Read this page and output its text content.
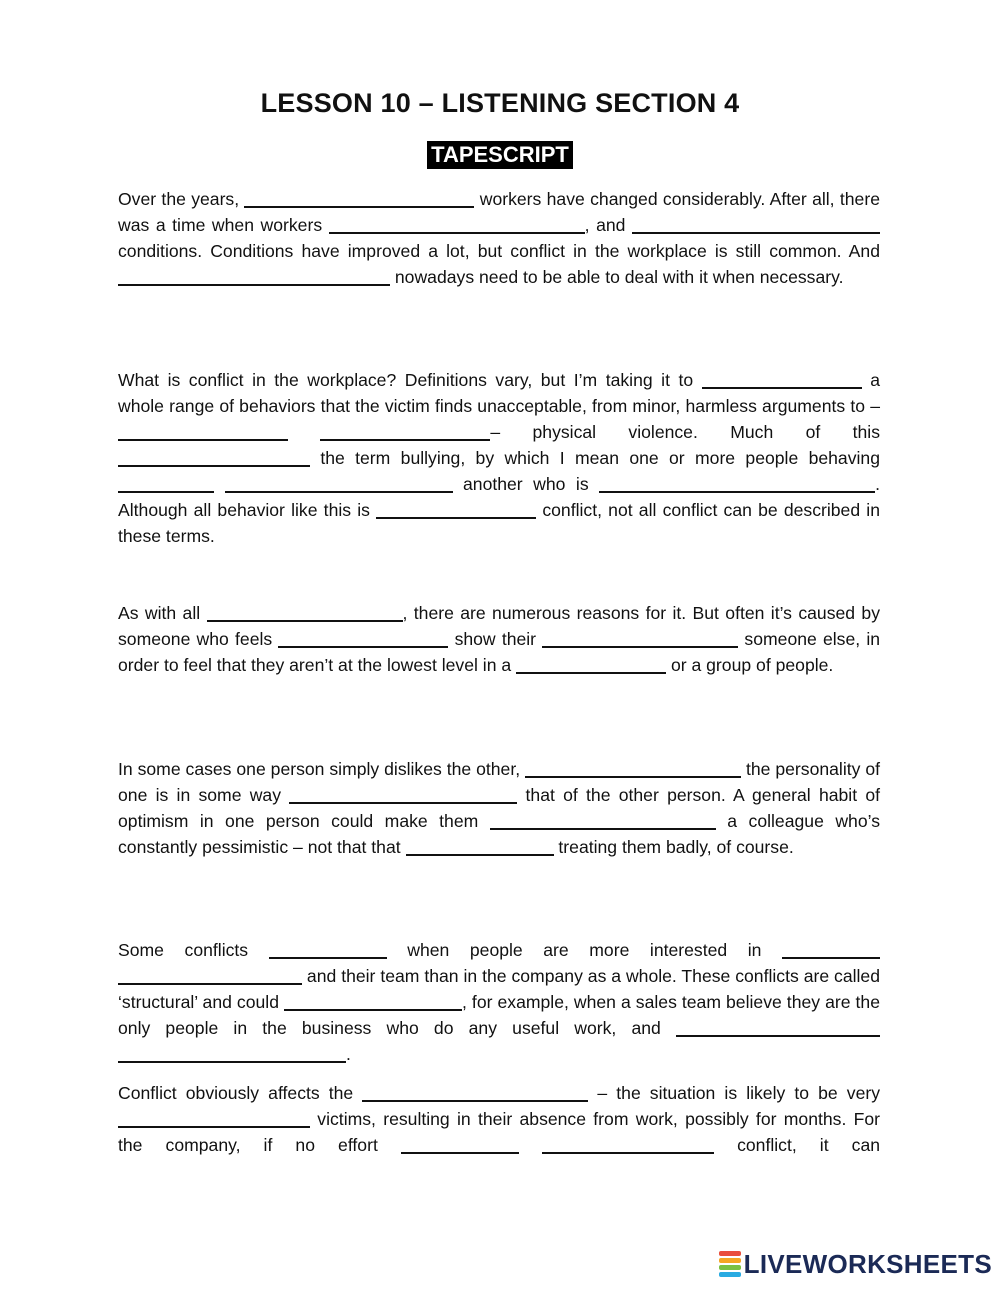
LESSON 10 – LISTENING SECTION 4
TAPESCRIPT
Over the years,	workers have changed considerably. After all, there was a time when workers	, and  conditions. Conditions have improved a lot, but conflict in the workplace is still common. And  nowadays need to be able to deal with it when necessary.
What is conflict in the workplace? Definitions vary, but I’m taking it to	a whole range of behaviors that the victim finds unacceptable, from minor, harmless arguments to –  – physical violence. Much of this  the term bullying, by which I mean one or more people behaving   another who is	. Although all behavior like this is	conflict, not all conflict can be described in these terms.
As with all	, there are numerous reasons for it. But often it’s caused by someone who feels	show their	someone else, in order to feel that they aren’t at the lowest level in a	or a group of people.
In some cases one person simply dislikes the other,	the personality of one is in some way	that of the other person. A general habit of optimism in one person could make them	a colleague who’s constantly pessimistic – not that that	treating them badly, of course.
Some conflicts	when people are more interested in   and their team than in the company as a whole. These conflicts are called ‘structural’ and could	, for example, when a sales team believe they are the only people in the business who do any useful work, and  .
Conflict obviously affects the	– the situation is likely to be very  victims, resulting in their absence from work, possibly for months. For the company, if no effort	conflict, it can
LIVEWORKSHEETS
